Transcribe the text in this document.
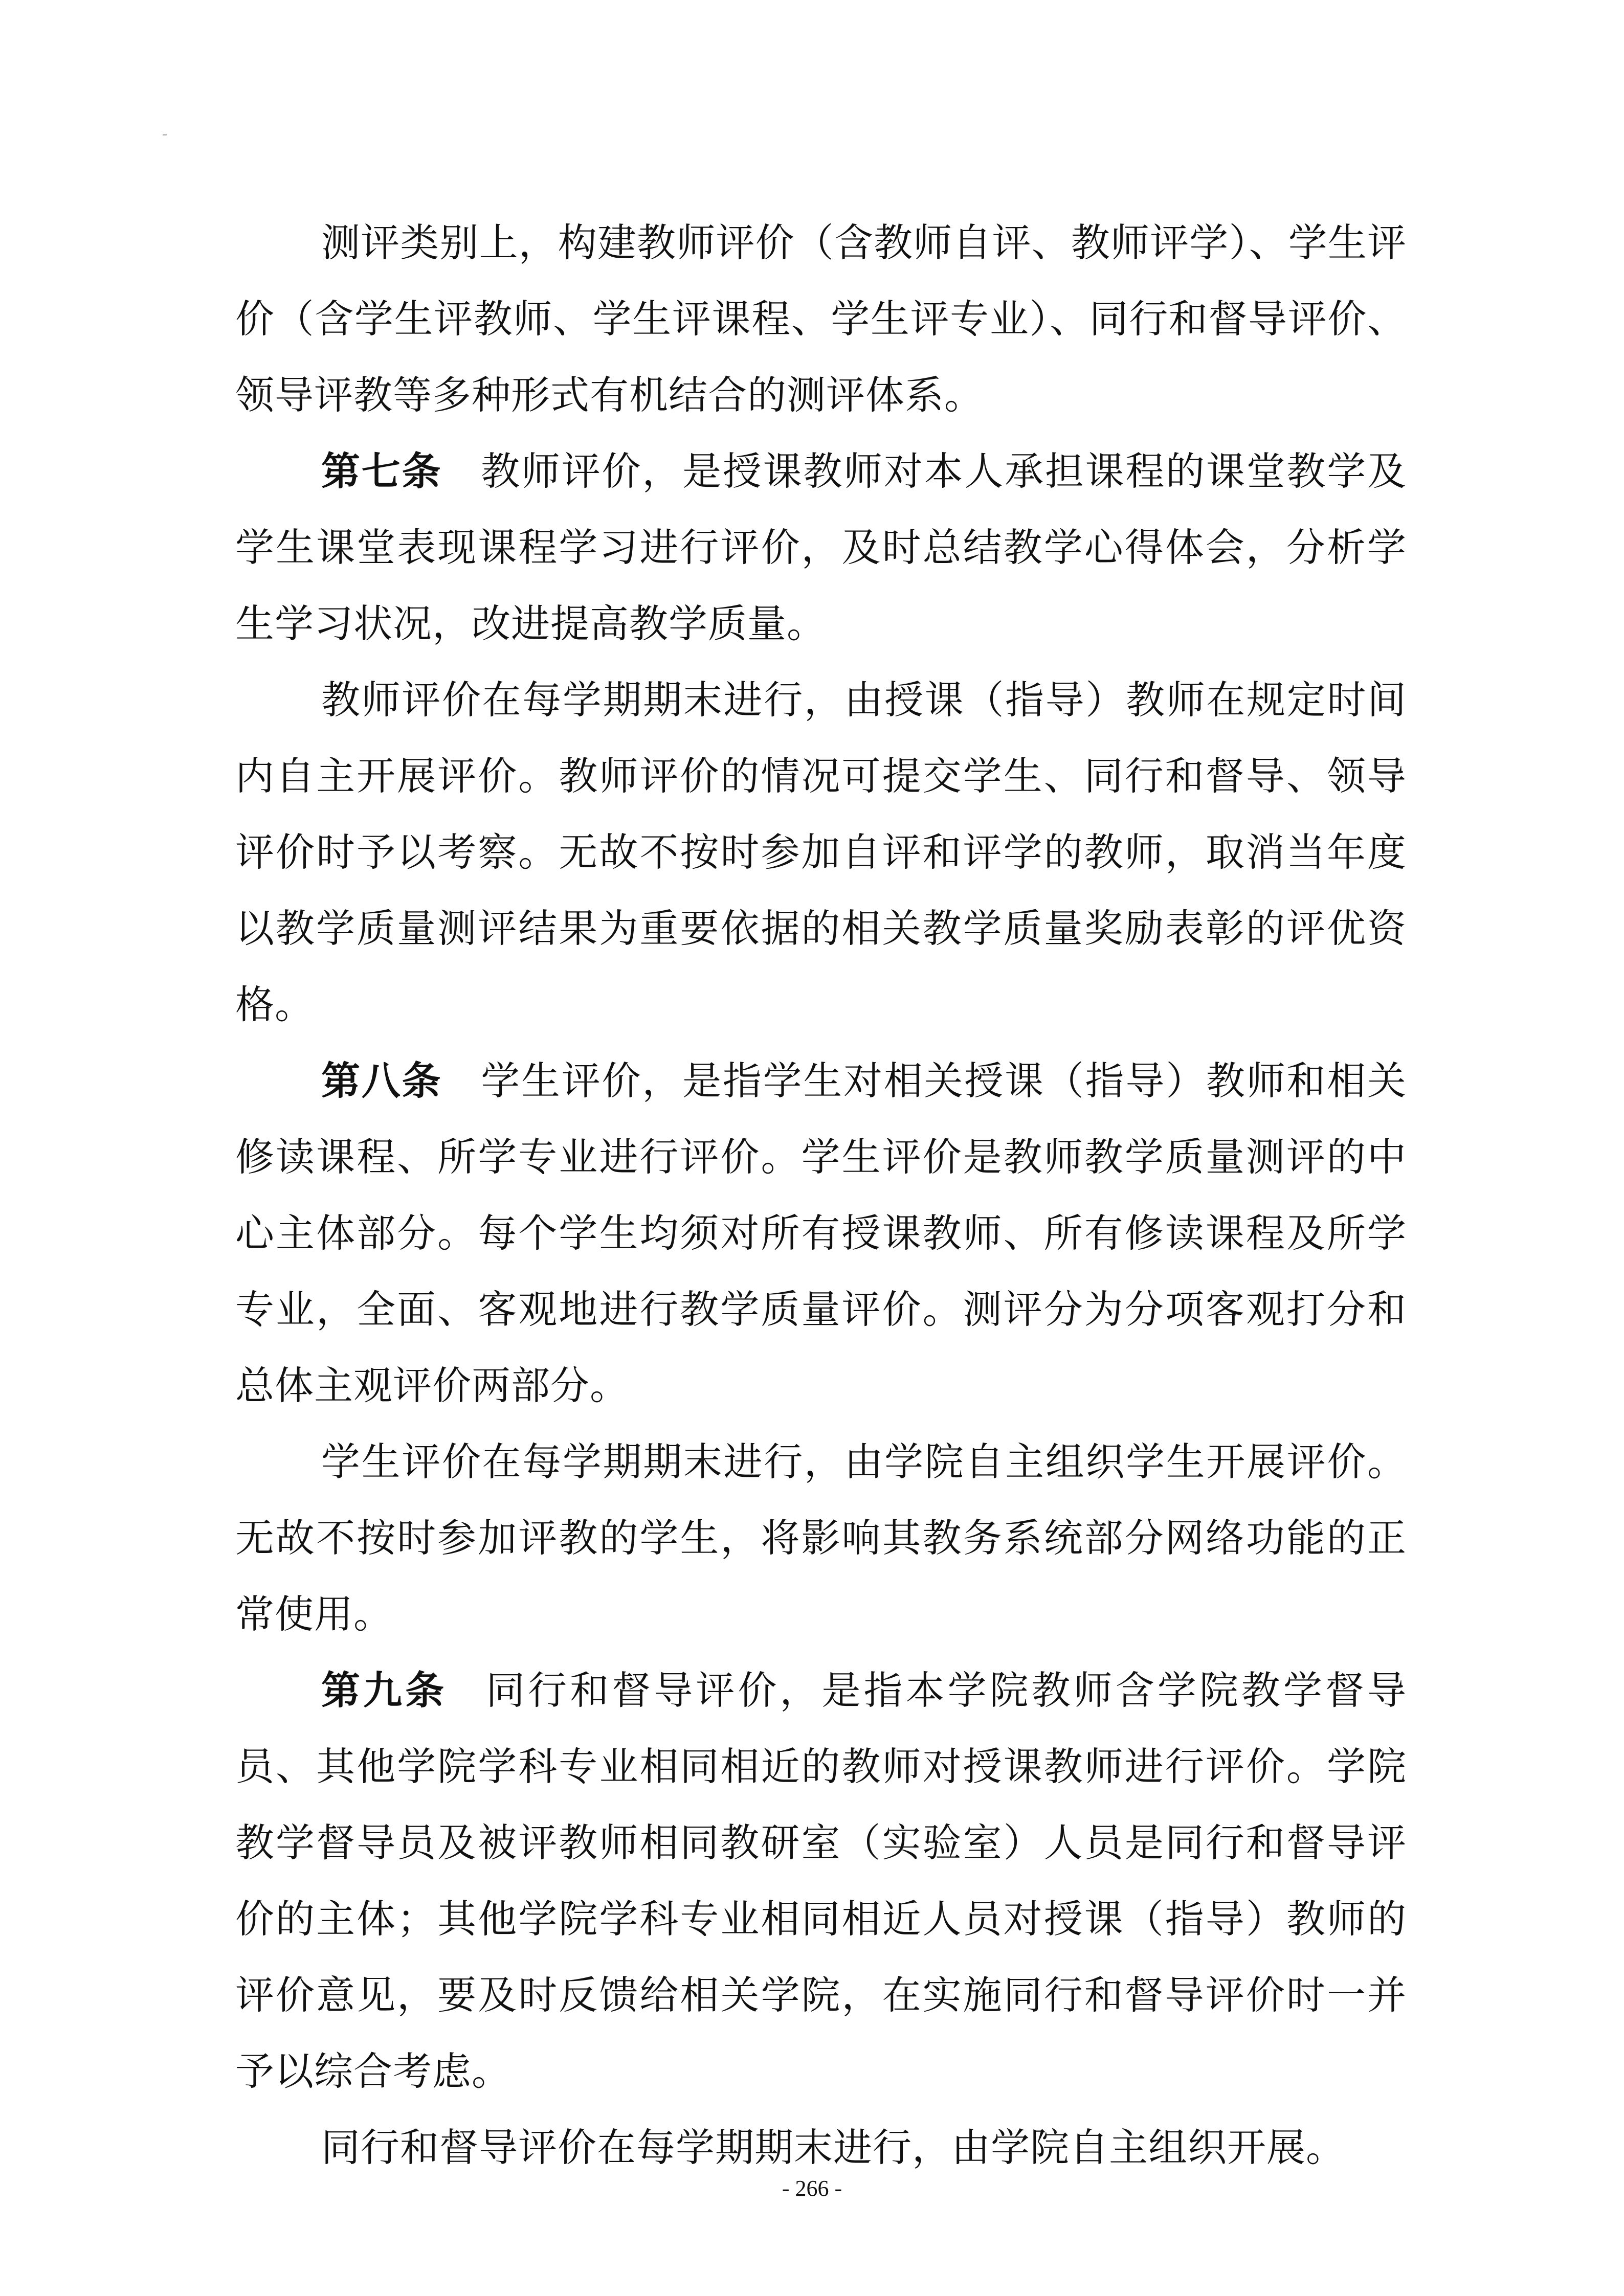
测评类别上，构建教师评价（含教师自评、教师评学）、学生评价（含学生评教师、学生评课程、学生评专业）、同行和督导评价、领导评教等多种形式有机结合的测评体系。

第七条 教师评价，是授课教师对本人承担课程的课堂教学及学生课堂表现课程学习进行评价，及时总结教学心得体会，分析学生学习状况，改进提高教学质量。

教师评价在每学期期末进行，由授课（指导）教师在规定时间内自主开展评价。教师评价的情况可提交学生、同行和督导、领导评价时予以考察。无故不按时参加自评和评学的教师，取消当年度以教学质量测评结果为重要依据的相关教学质量奖励表彰的评优资格。

第八条 学生评价，是指学生对相关授课（指导）教师和相关修读课程、所学专业进行评价。学生评价是教师教学质量测评的中心主体部分。每个学生均须对所有授课教师、所有修读课程及所学专业，全面、客观地进行教学质量评价。测评分为分项客观打分和总体主观评价两部分。

学生评价在每学期期末进行，由学院自主组织学生开展评价。无故不按时参加评教的学生，将影响其教务系统部分网络功能的正常使用。

第九条 同行和督导评价，是指本学院教师含学院教学督导员、其他学院学科专业相同相近的教师对授课教师进行评价。学院教学督导员及被评教师相同教研室（实验室）人员是同行和督导评价的主体；其他学院学科专业相同相近人员对授课（指导）教师的评价意见，要及时反馈给相关学院，在实施同行和督导评价时一并予以综合考虑。

同行和督导评价在每学期期末进行，由学院自主组织开展。

- 266 -
